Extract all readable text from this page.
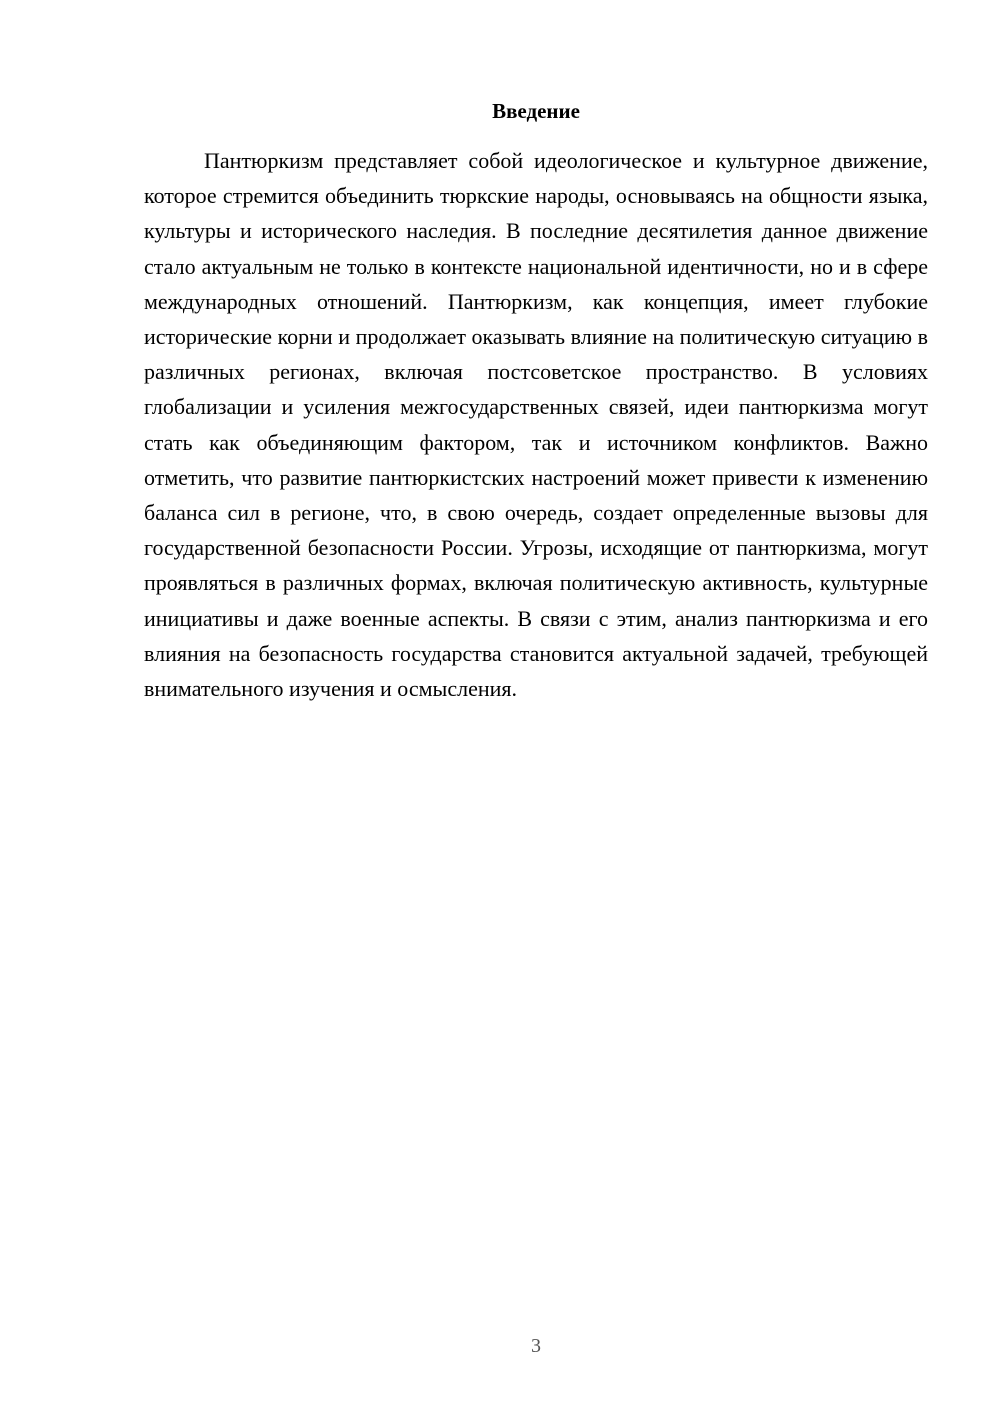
Введение

Пантюркизм представляет собой идеологическое и культурное движение, которое стремится объединить тюркские народы, основываясь на общности языка, культуры и исторического наследия. В последние десятилетия данное движение стало актуальным не только в контексте национальной идентичности, но и в сфере международных отношений. Пантюркизм, как концепция, имеет глубокие исторические корни и продолжает оказывать влияние на политическую ситуацию в различных регионах, включая постсоветское пространство. В условиях глобализации и усиления межгосударственных связей, идеи пантюркизма могут стать как объединяющим фактором, так и источником конфликтов. Важно отметить, что развитие пантюркистских настроений может привести к изменению баланса сил в регионе, что, в свою очередь, создает определенные вызовы для государственной безопасности России. Угрозы, исходящие от пантюркизма, могут проявляться в различных формах, включая политическую активность, культурные инициативы и даже военные аспекты. В связи с этим, анализ пантюркизма и его влияния на безопасность государства становится актуальной задачей, требующей внимательного изучения и осмысления.

3
